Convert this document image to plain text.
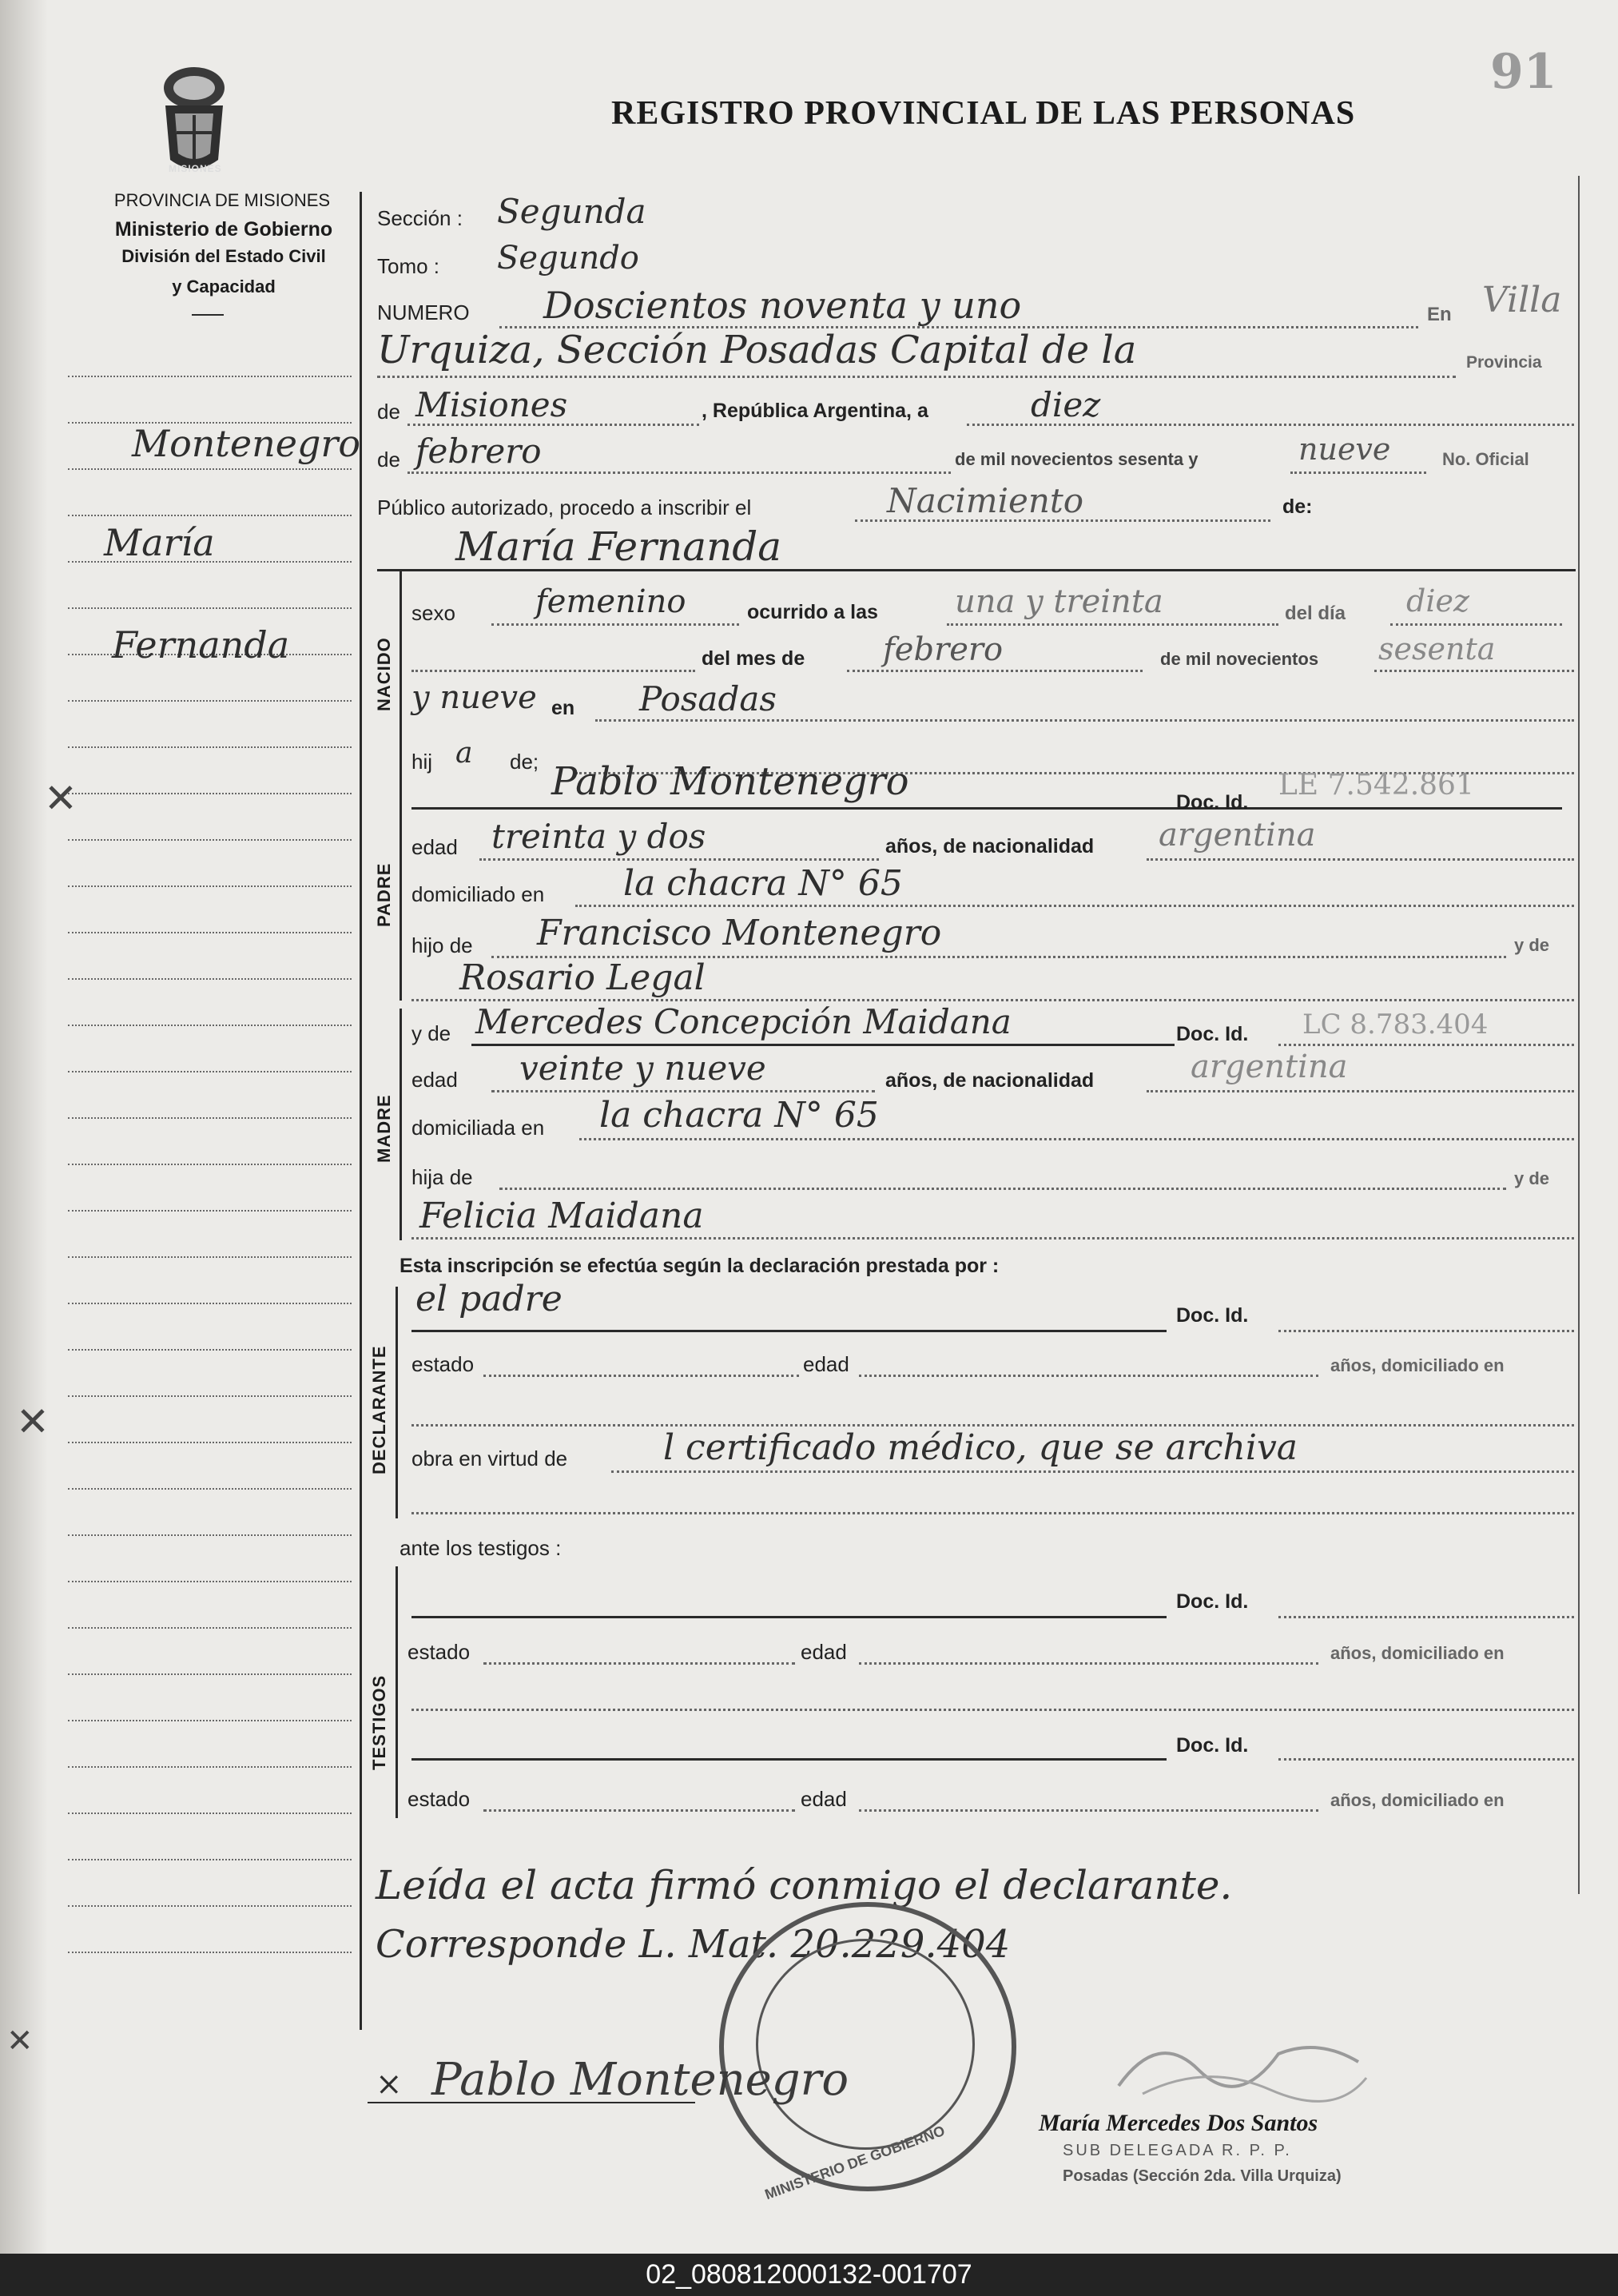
91
MISIONES
REGISTRO PROVINCIAL DE LAS PERSONAS
PROVINCIA DE MISIONES
Ministerio de Gobierno
División del Estado Civil
y Capacidad
Montenegro
María
Fernanda
Sección : Segunda
Tomo : Segundo
NUMERO Doscientos noventa y uno	En Villa
Urquiza, Sección Posadas Capital de la	Provincia
de Misiones	, República Argentina, a	diez
de febrero	de mil novecientos sesenta y	nueve	No. Oficial
Público autorizado, procedo a inscribir el	Nacimiento	de:
María Fernanda
NACIDO
sexo	femenino	ocurrido a las una y treinta	del día diez
del mes de febrero	de mil novecientos sesenta
y nueve en Posadas
hij a de; Pablo Montenegro	Doc. Id.
LE 7.542.861
PADRE
edad treinta y dos	años, de nacionalidad argentina
domiciliado en la chacra N° 65
hijo de Francisco Montenegro	y de
Rosario Legal
MADRE
y de Mercedes Concepción Maidana	Doc. Id. LC 8.783.404
edad veinte y nueve	años, de nacionalidad	argentina
domiciliada en la chacra N° 65
hija de	y de
Felicia Maidana
Esta inscripción se efectúa según la declaración prestada por :
DECLARANTE
el padre	Doc. Id.
estado	edad	años, domiciliado en
obra en virtud de	l certificado médico, que se archiva
ante los testigos :
TESTIGOS
Doc. Id.
estado	edad	años, domiciliado en
Doc. Id.
estado	edad	años, domiciliado en
Leída el acta firmó conmigo el declarante.
Corresponde L. Mat. 20.229.404
MINISTERIO DE GOBIERNO
× Pablo Montenegro
María Mercedes Dos Santos
SUB DELEGADA R. P. P.
Posadas (Sección 2da. Villa Urquiza)
✕
✕
✕
02_080812000132-001707
